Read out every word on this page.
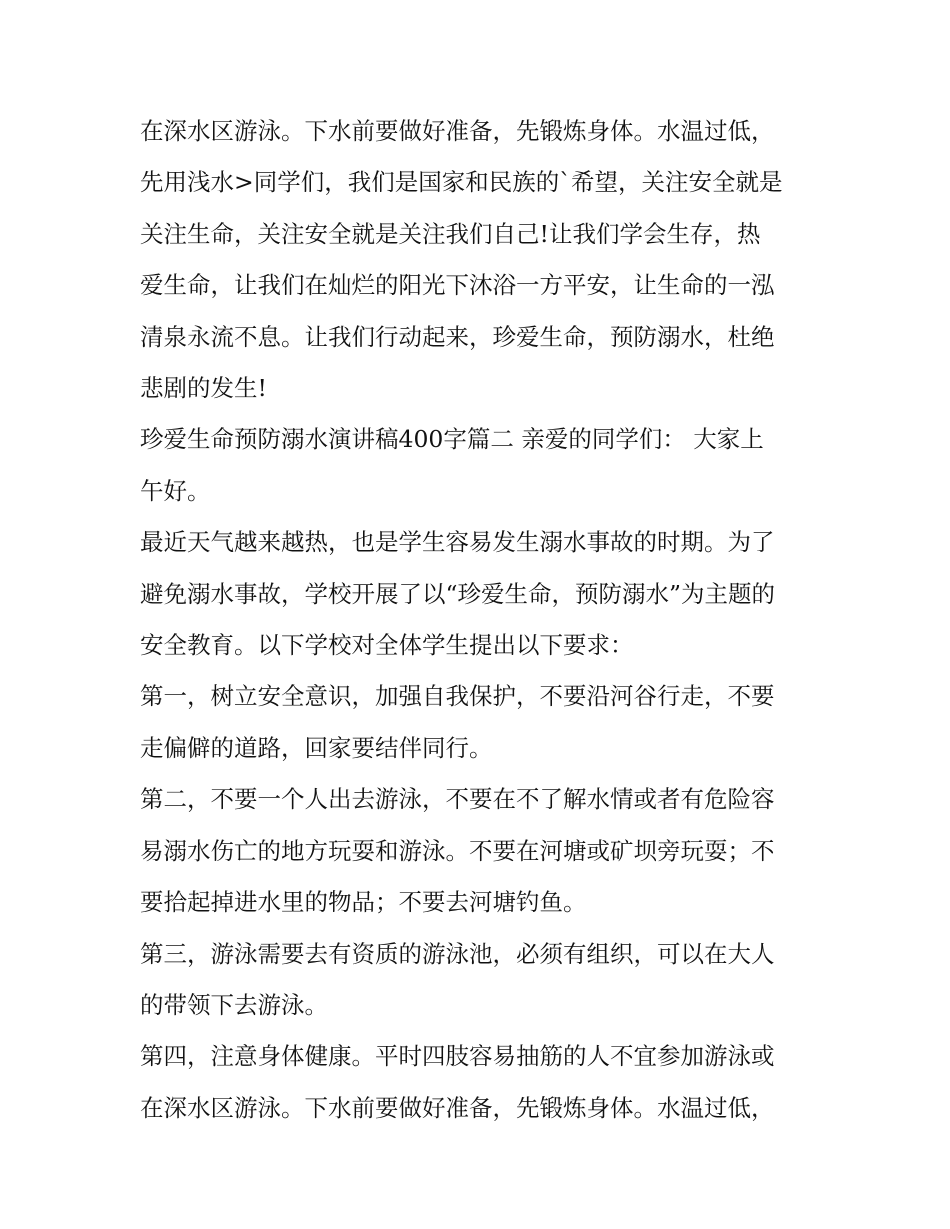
在深水区游泳。下水前要做好准备，先锻炼身体。水温过低，

先用浅水>同学们，我们是国家和民族的`希望，关注安全就是

关注生命，关注安全就是关注我们自己!让我们学会生存，热

爱生命，让我们在灿烂的阳光下沐浴一方平安，让生命的一泓

清泉永流不息。让我们行动起来，珍爱生命，预防溺水，杜绝

悲剧的发生!

珍爱生命预防溺水演讲稿400字篇二 亲爱的同学们： 大家上

午好。

最近天气越来越热，也是学生容易发生溺水事故的时期。为了

避免溺水事故，学校开展了以“珍爱生命，预防溺水”为主题的

安全教育。以下学校对全体学生提出以下要求：

第一，树立安全意识，加强自我保护，不要沿河谷行走，不要

走偏僻的道路，回家要结伴同行。

第二，不要一个人出去游泳，不要在不了解水情或者有危险容

易溺水伤亡的地方玩耍和游泳。不要在河塘或矿坝旁玩耍；不

要拾起掉进水里的物品；不要去河塘钓鱼。

第三，游泳需要去有资质的游泳池，必须有组织，可以在大人

的带领下去游泳。

第四，注意身体健康。平时四肢容易抽筋的人不宜参加游泳或

在深水区游泳。下水前要做好准备，先锻炼身体。水温过低，
